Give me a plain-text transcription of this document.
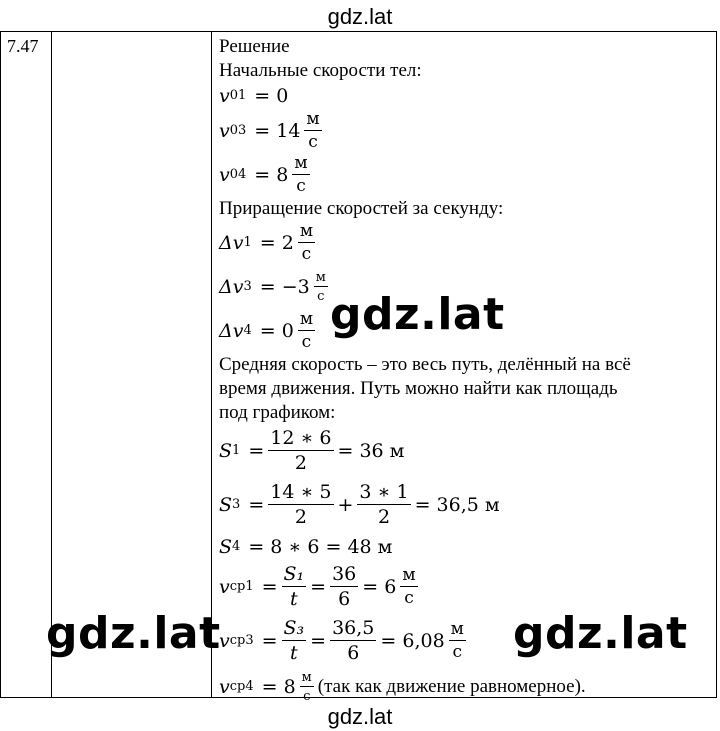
gdz.lat
7.47	Решение
Начальные скорости тел:
v 01 = 0
v $03 = 14 \frac{м}{с}$
v $04 = 8 \frac{м}{с}$
Приращение скоростей за секунду:
Δv $1 = 2 \frac{м}{с}$
Δv $3 = -3 \frac{м}{с}$
Δv $4 = 0 \frac{м}{с}$
Средняя скорость – это весь путь, делённый на всё
время движения. Путь можно найти как площадь
под графиком:
S $1 = \frac{12 ∗ 6}{2} = 36$ м
S $3 = \frac{14 ∗ 5}{2} + \frac{3 ∗ 1}{2} = 36,5$ м
S 4 = 8 ∗ 6 = 48 м
v $ср1 = \frac{\text{S₁}}{t} = \frac{36}{6} = 6 \frac{м}{с}$
v $ср3 = \frac{\text{S₃}}{t} = \frac{36,5}{6} = 6,08 \frac{м}{с}$
v $ср4 = 8 \frac{м}{с} (так$ как движение равномерное).
gdz.lat
gdz.lat	gdz.lat
gdz.lat
